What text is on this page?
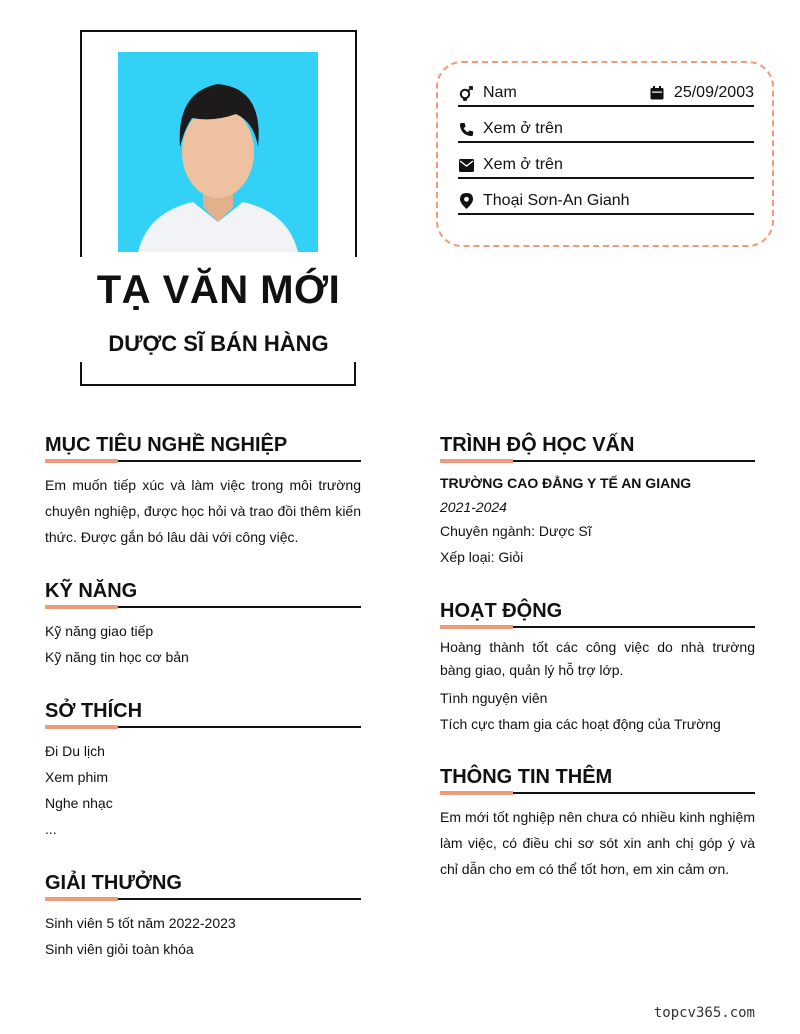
TẠ VĂN MỚI
DƯỢC SĨ BÁN HÀNG
Nam	25/09/2003
Xem ở trên
Xem ở trên
Thoại Sơn-An Gianh
MỤC TIÊU NGHỀ NGHIỆP
Em muốn tiếp xúc và làm việc trong môi trường chuyên nghiệp, được học hỏi và trao đồi thêm kiến thức. Được gắn bó lâu dài với công việc.
KỸ NĂNG
Kỹ năng giao tiếp
Kỹ năng tin học cơ bản
SỞ THÍCH
Đi Du lịch
Xem phim
Nghe nhạc
...
GIẢI THƯỞNG
Sinh viên 5 tốt năm 2022-2023
Sinh viên giỏi toàn khóa
TRÌNH ĐỘ HỌC VẤN
TRƯỜNG CAO ĐẲNG Y TẾ AN GIANG
2021-2024
Chuyên ngành: Dược Sĩ
Xếp loại: Giỏi
HOẠT ĐỘNG
Hoàng thành tốt các công việc do nhà trường bàng giao, quản lý hỗ trợ lớp.
Tình nguyện viên
Tích cực tham gia các hoạt động của Trường
THÔNG TIN THÊM
Em mới tốt nghiệp nên chưa có nhiều kinh nghiệm làm việc, có điều chi sơ sót xin anh chị góp ý và chỉ dẫn cho em có thể tốt hơn, em xin cảm ơn.
topcv365.com
